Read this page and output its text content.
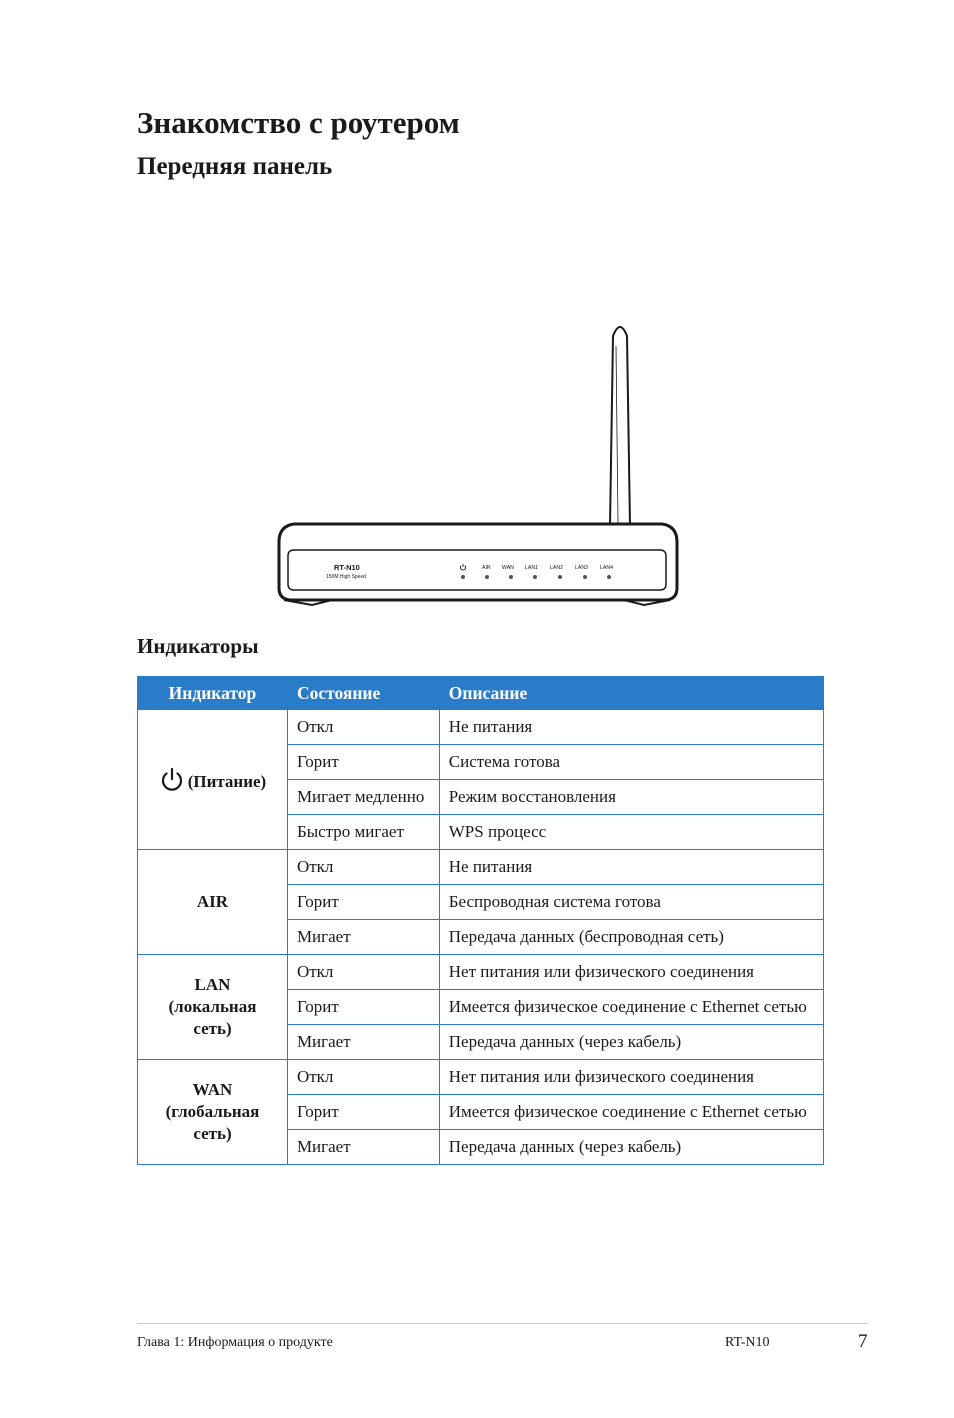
Знакомство с роутером
Передняя панель
RT-N10
150M High Speed
AIR WAN LAN1 LAN2 LAN3 LAN4
Индикаторы
Индикатор	Состояние	Описание
(Питание)	Откл	Не питания
	Горит	Система готова
	Мигает медленно	Режим восстановления
	Быстро мигает	WPS процесс
AIR	Откл	Не питания
	Горит	Беспроводная система готова
	Мигает	Передача данных (беспроводная сеть)
LAN (локальная сеть)	Откл	Нет питания или физического соединения
	Горит	Имеется физическое соединение с Ethernet сетью
	Мигает	Передача данных (через кабель)
WAN (глобальная сеть)	Откл	Нет питания или физического соединения
	Горит	Имеется физическое соединение с Ethernet сетью
	Мигает	Передача данных (через кабель)
Глава 1: Информация о продукте	RT-N10	7
